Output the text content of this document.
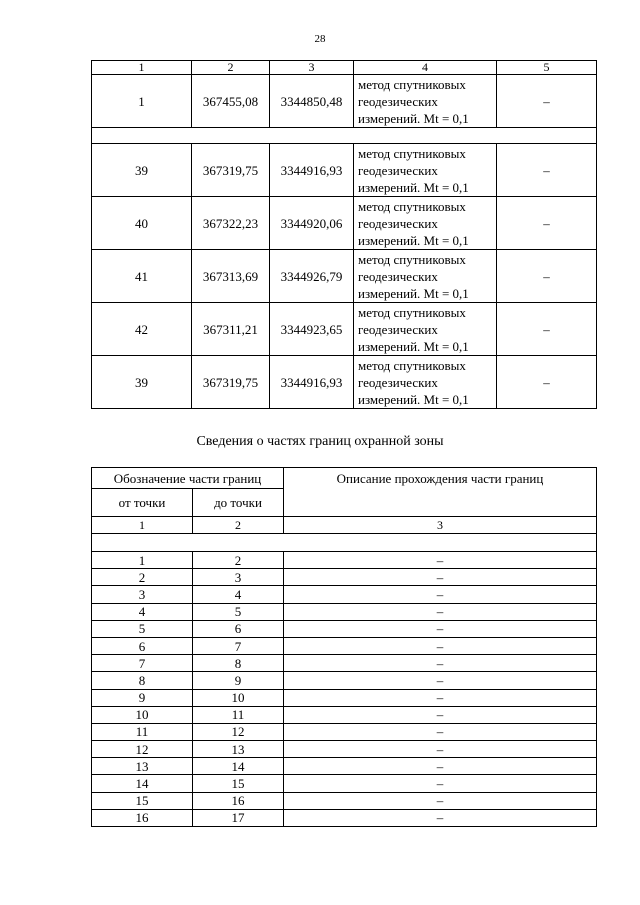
28
1	2	3	4	5
1	367455,08	3344850,48	метод спутниковых геодезических измерений. Mt = 0,1	–

39	367319,75	3344916,93	метод спутниковых геодезических измерений. Mt = 0,1	–
40	367322,23	3344920,06	метод спутниковых геодезических измерений. Mt = 0,1	–
41	367313,69	3344926,79	метод спутниковых геодезических измерений. Mt = 0,1	–
42	367311,21	3344923,65	метод спутниковых геодезических измерений. Mt = 0,1	–
39	367319,75	3344916,93	метод спутниковых геодезических измерений. Mt = 0,1	–
Сведения о частях границ охранной зоны
Обозначение части границ		Описание прохождения части границ
от точки	до точки	
1	2	3

1	2	–
2	3	–
3	4	–
4	5	–
5	6	–
6	7	–
7	8	–
8	9	–
9	10	–
10	11	–
11	12	–
12	13	–
13	14	–
14	15	–
15	16	–
16	17	–
